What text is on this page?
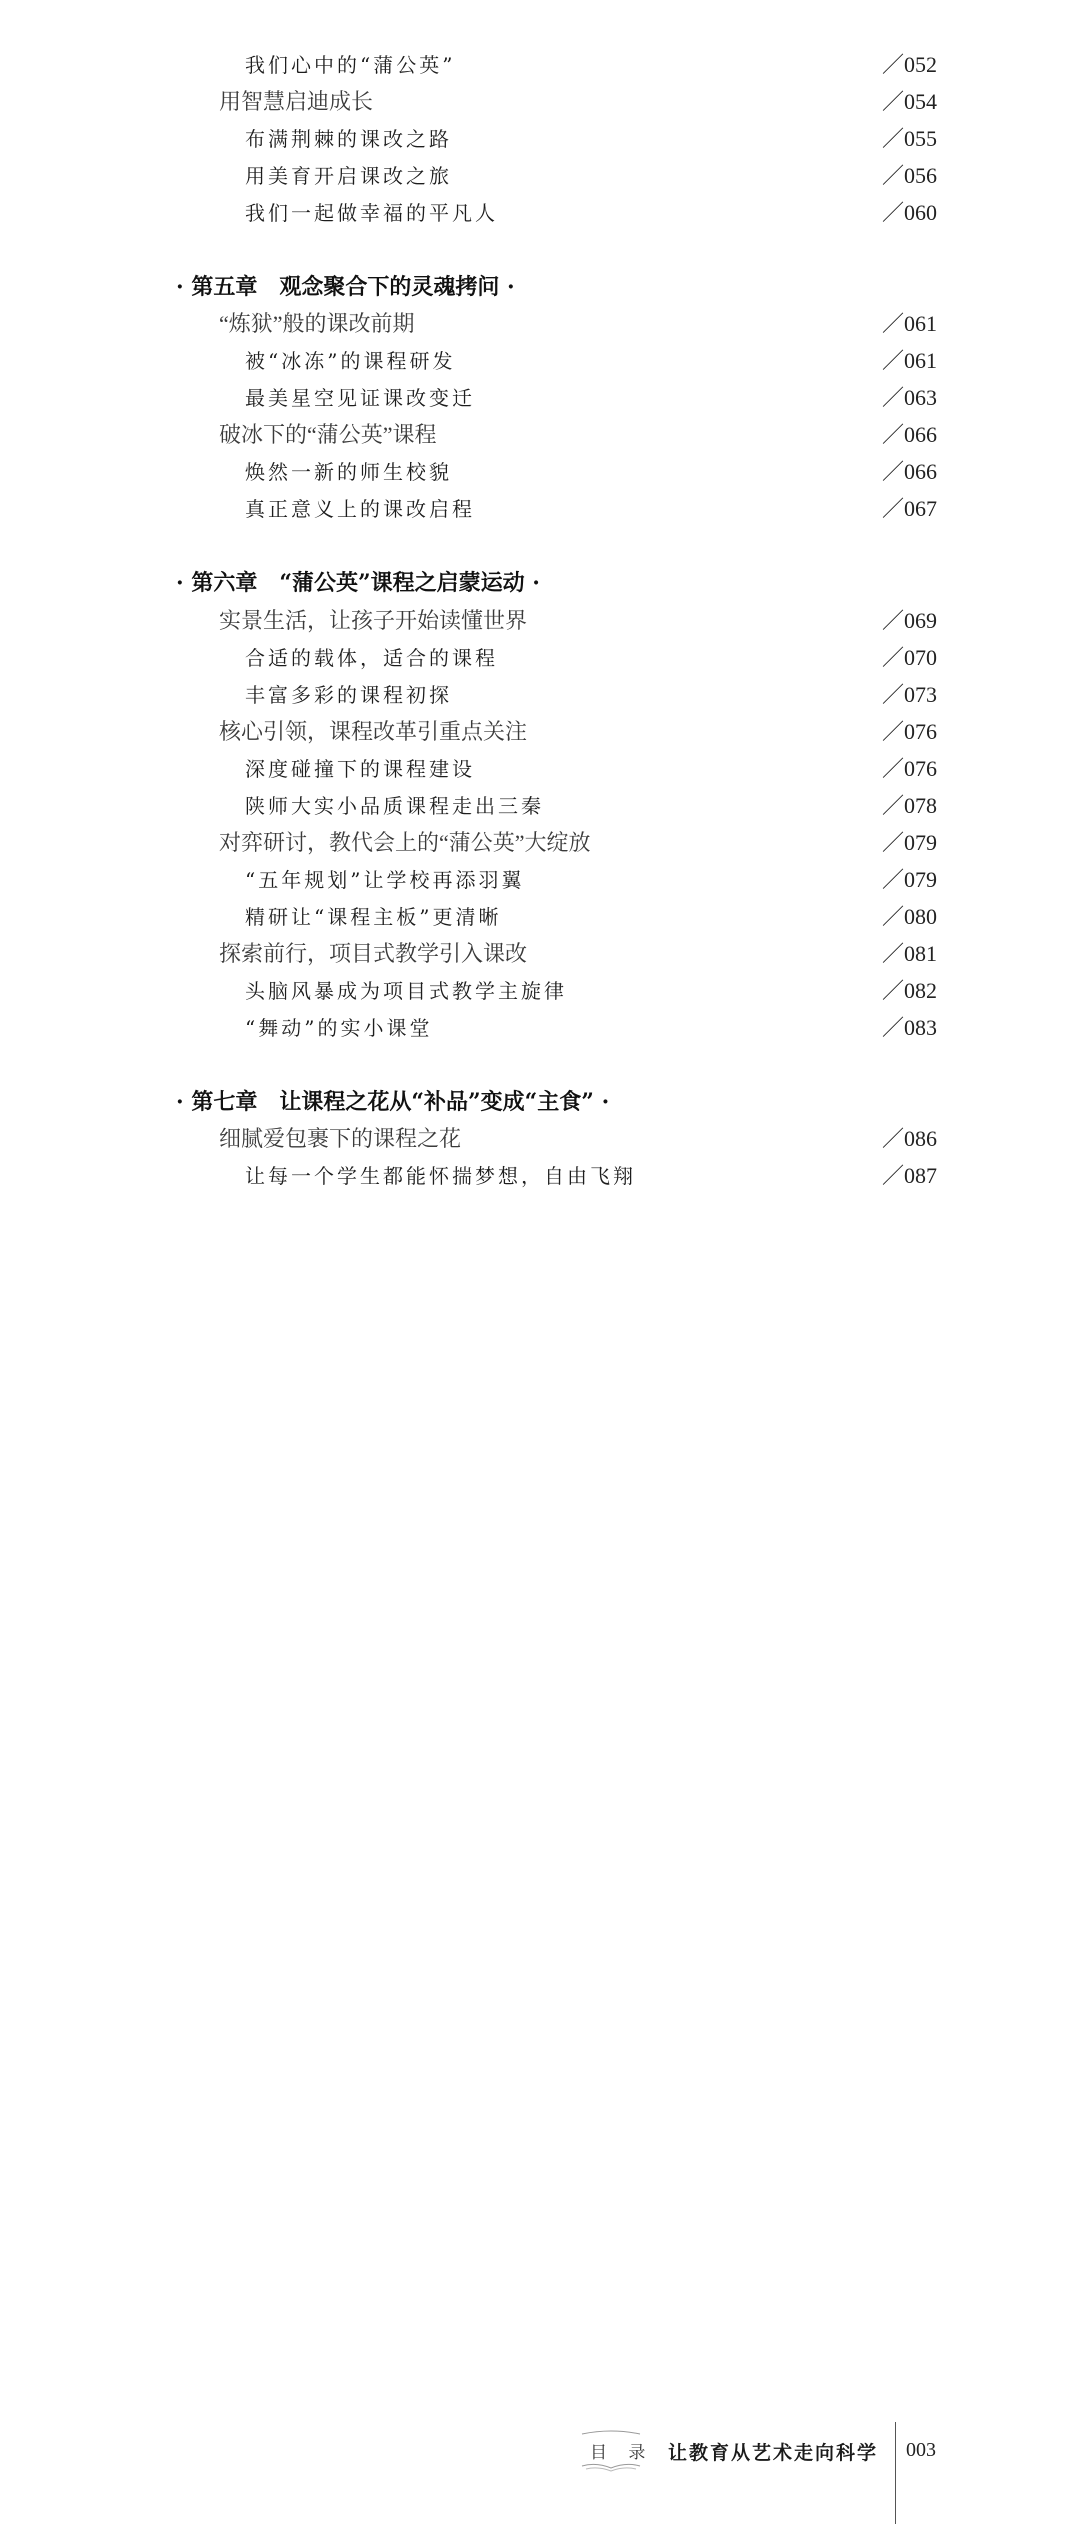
我们心中的“蒲公英”	／052
用智慧启迪成长	／054
布满荆棘的课改之路	／055
用美育开启课改之旅	／056
我们一起做幸福的平凡人	／060
· 第五章　观念聚合下的灵魂拷问 ·
“炼狱”般的课改前期	／061
被“冰冻”的课程研发	／061
最美星空见证课改变迁	／063
破冰下的“蒲公英”课程	／066
焕然一新的师生校貌	／066
真正意义上的课改启程	／067
· 第六章　“蒲公英”课程之启蒙运动 ·
实景生活，让孩子开始读懂世界	／069
合适的载体，适合的课程	／070
丰富多彩的课程初探	／073
核心引领，课程改革引重点关注	／076
深度碰撞下的课程建设	／076
陕师大实小品质课程走出三秦	／078
对弈研讨，教代会上的“蒲公英”大绽放	／079
“五年规划”让学校再添羽翼	／079
精研让“课程主板”更清晰	／080
探索前行，项目式教学引入课改	／081
头脑风暴成为项目式教学主旋律	／082
“舞动”的实小课堂	／083
· 第七章　让课程之花从“补品”变成“主食” ·
细腻爱包裹下的课程之花	／086
让每一个学生都能怀揣梦想，自由飞翔	／087
目 录 让教育从艺术走向科学 003
